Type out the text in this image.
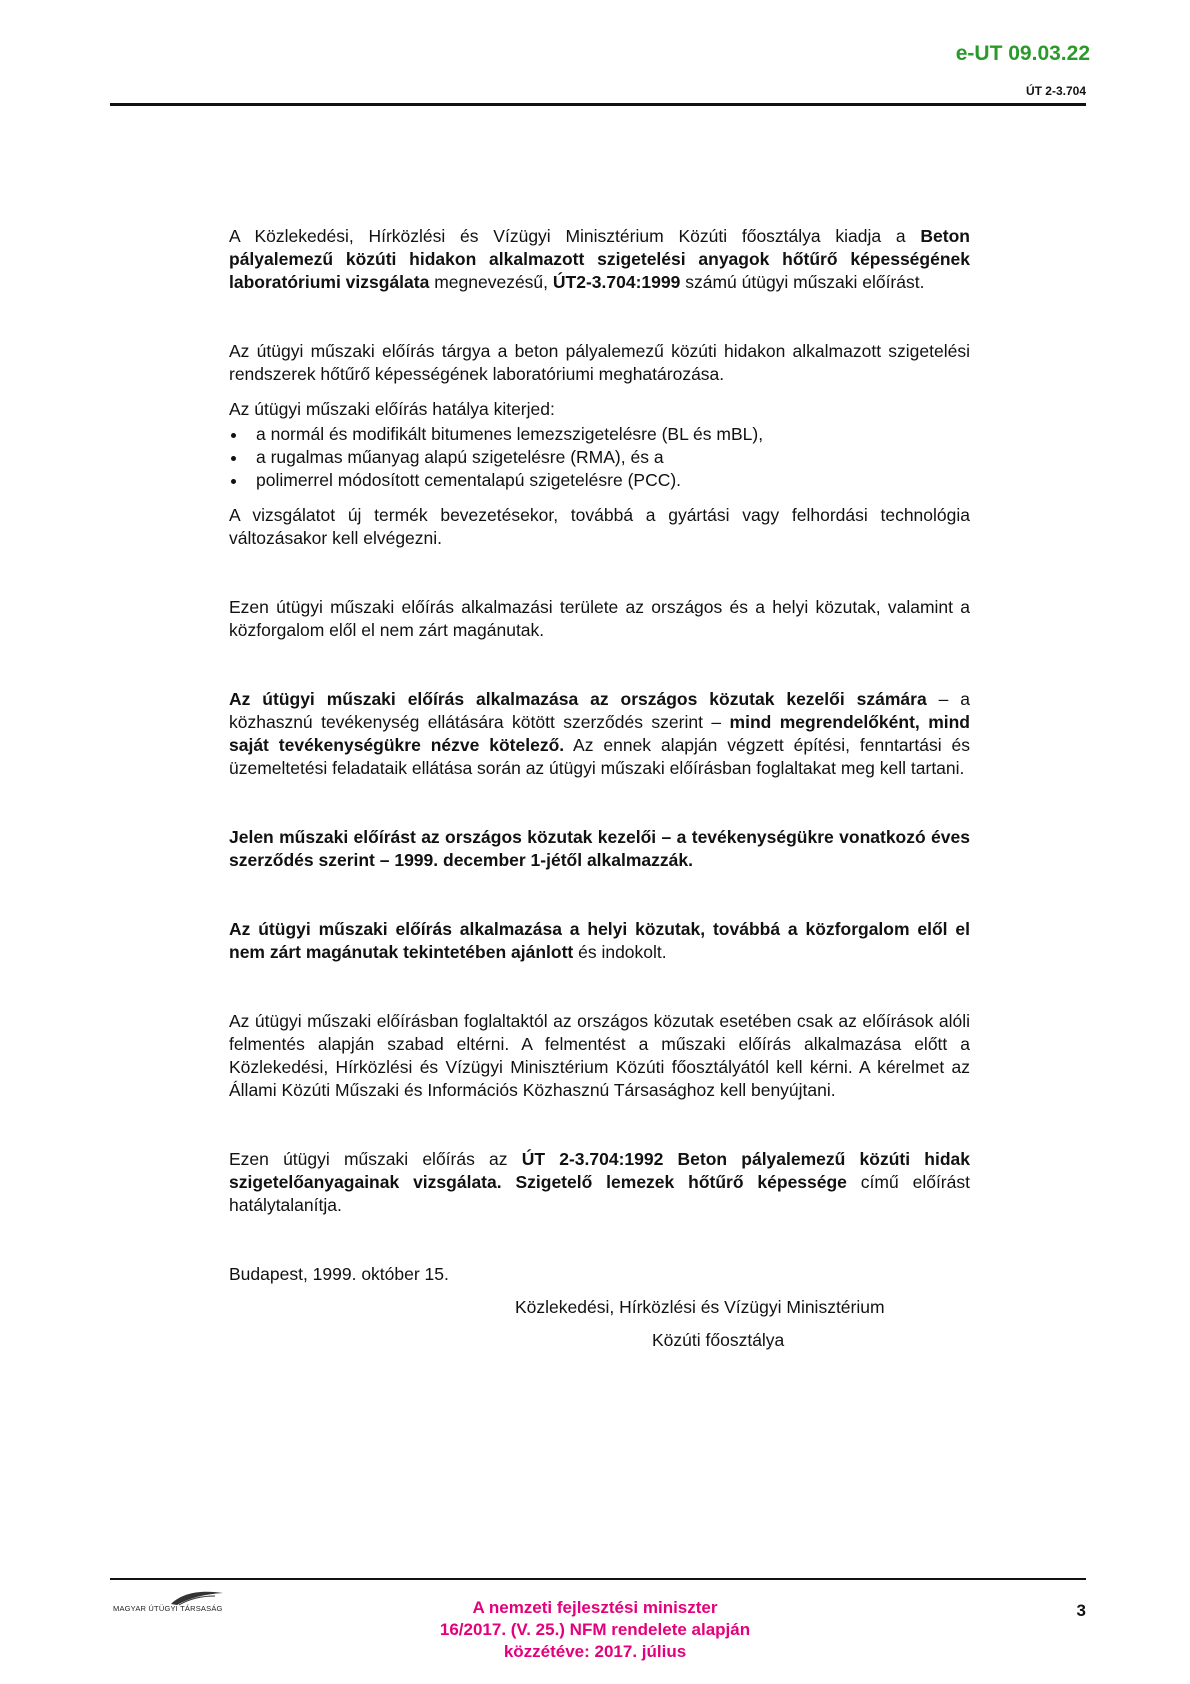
e-UT 09.03.22
ÚT 2-3.704

A Közlekedési, Hírközlési és Vízügyi Minisztérium Közúti főosztálya kiadja a Beton pályalemezű közúti hidakon alkalmazott szigetelési anyagok hőtűrő képességének laboratóriumi vizsgálata megnevezésű, ÚT2-3.704:1999 számú útügyi műszaki előírást.

Az útügyi műszaki előírás tárgya a beton pályalemezű közúti hidakon alkalmazott szigetelési rendszerek hőtűrő képességének laboratóriumi meghatározása.

Az útügyi műszaki előírás hatálya kiterjed:

a normál és modifikált bitumenes lemezszigetelésre (BL és mBL),
a rugalmas műanyag alapú szigetelésre (RMA), és a
polimerrel módosított cementalapú szigetelésre (PCC).

A vizsgálatot új termék bevezetésekor, továbbá a gyártási vagy felhordási technológia változásakor kell elvégezni.

Ezen útügyi műszaki előírás alkalmazási területe az országos és a helyi közutak, valamint a közforgalom elől el nem zárt magánutak.

Az útügyi műszaki előírás alkalmazása az országos közutak kezelői számára – a közhasznú tevékenység ellátására kötött szerződés szerint – mind megrendelőként, mind saját tevékenységükre nézve kötelező. Az ennek alapján végzett építési, fenntartási és üzemeltetési feladataik ellátása során az útügyi műszaki előírásban foglaltakat meg kell tartani.

Jelen műszaki előírást az országos közutak kezelői – a tevékenységükre vonatkozó éves szerződés szerint – 1999. december 1-jétől alkalmazzák.

Az útügyi műszaki előírás alkalmazása a helyi közutak, továbbá a közforgalom elől el nem zárt magánutak tekintetében ajánlott és indokolt.

Az útügyi műszaki előírásban foglaltaktól az országos közutak esetében csak az előírások alóli felmentés alapján szabad eltérni. A felmentést a műszaki előírás alkalmazása előtt a Közlekedési, Hírközlési és Vízügyi Minisztérium Közúti főosztályától kell kérni. A kérelmet az Állami Közúti Műszaki és Információs Közhasznú Társasághoz kell benyújtani.

Ezen útügyi műszaki előírás az ÚT 2-3.704:1992 Beton pályalemezű közúti hidak szigetelőanyagainak vizsgálata. Szigetelő lemezek hőtűrő képessége című előírást hatálytalanítja.

Budapest, 1999. október 15.

Közlekedési, Hírközlési és Vízügyi Minisztérium

Közúti főosztálya

MAGYAR ÚTÜGYI TÁRSASÁG	A nemzeti fejlesztési miniszter
16/2017. (V. 25.) NFM rendelete alapján
közzétéve: 2017. július
3
